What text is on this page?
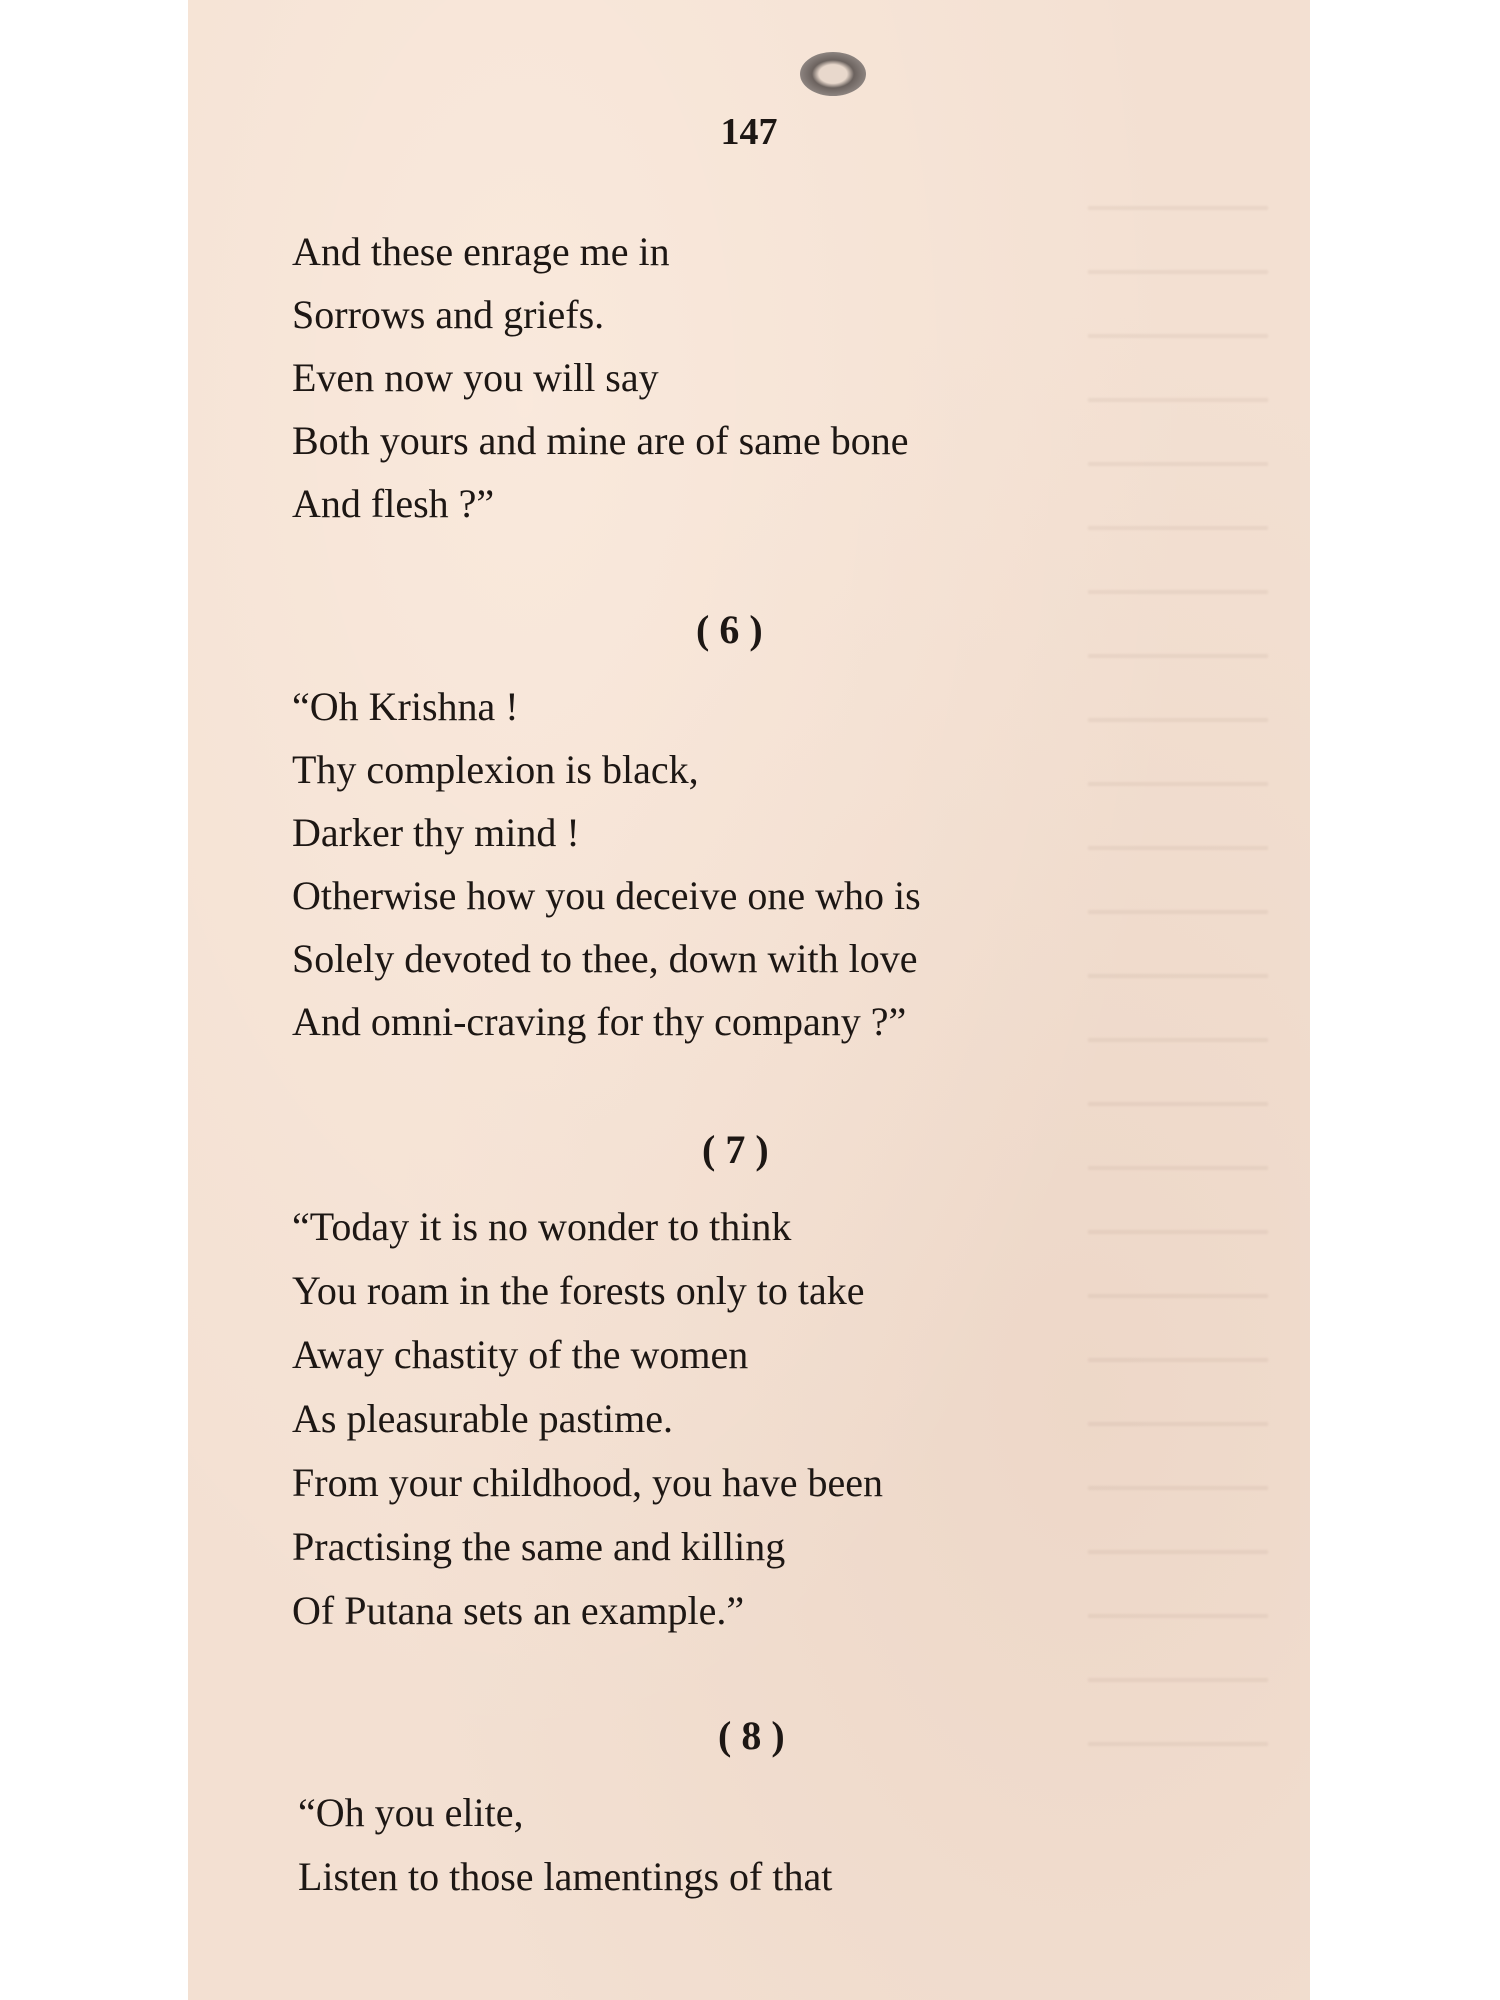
147
And these enrage me in
Sorrows and griefs.
Even now you will say
Both yours and mine are of same bone
And flesh ?”
( 6 )
“Oh Krishna !
Thy complexion is black,
Darker thy mind !
Otherwise how you deceive one who is
Solely devoted to thee, down with love
And omni-craving for thy company ?”
( 7 )
“Today it is no wonder to think
You roam in the forests only to take
Away chastity of the women
As pleasurable pastime.
From your childhood, you have been
Practising the same and killing
Of Putana sets an example.”
( 8 )
“Oh you elite,
Listen to those lamentings of that
